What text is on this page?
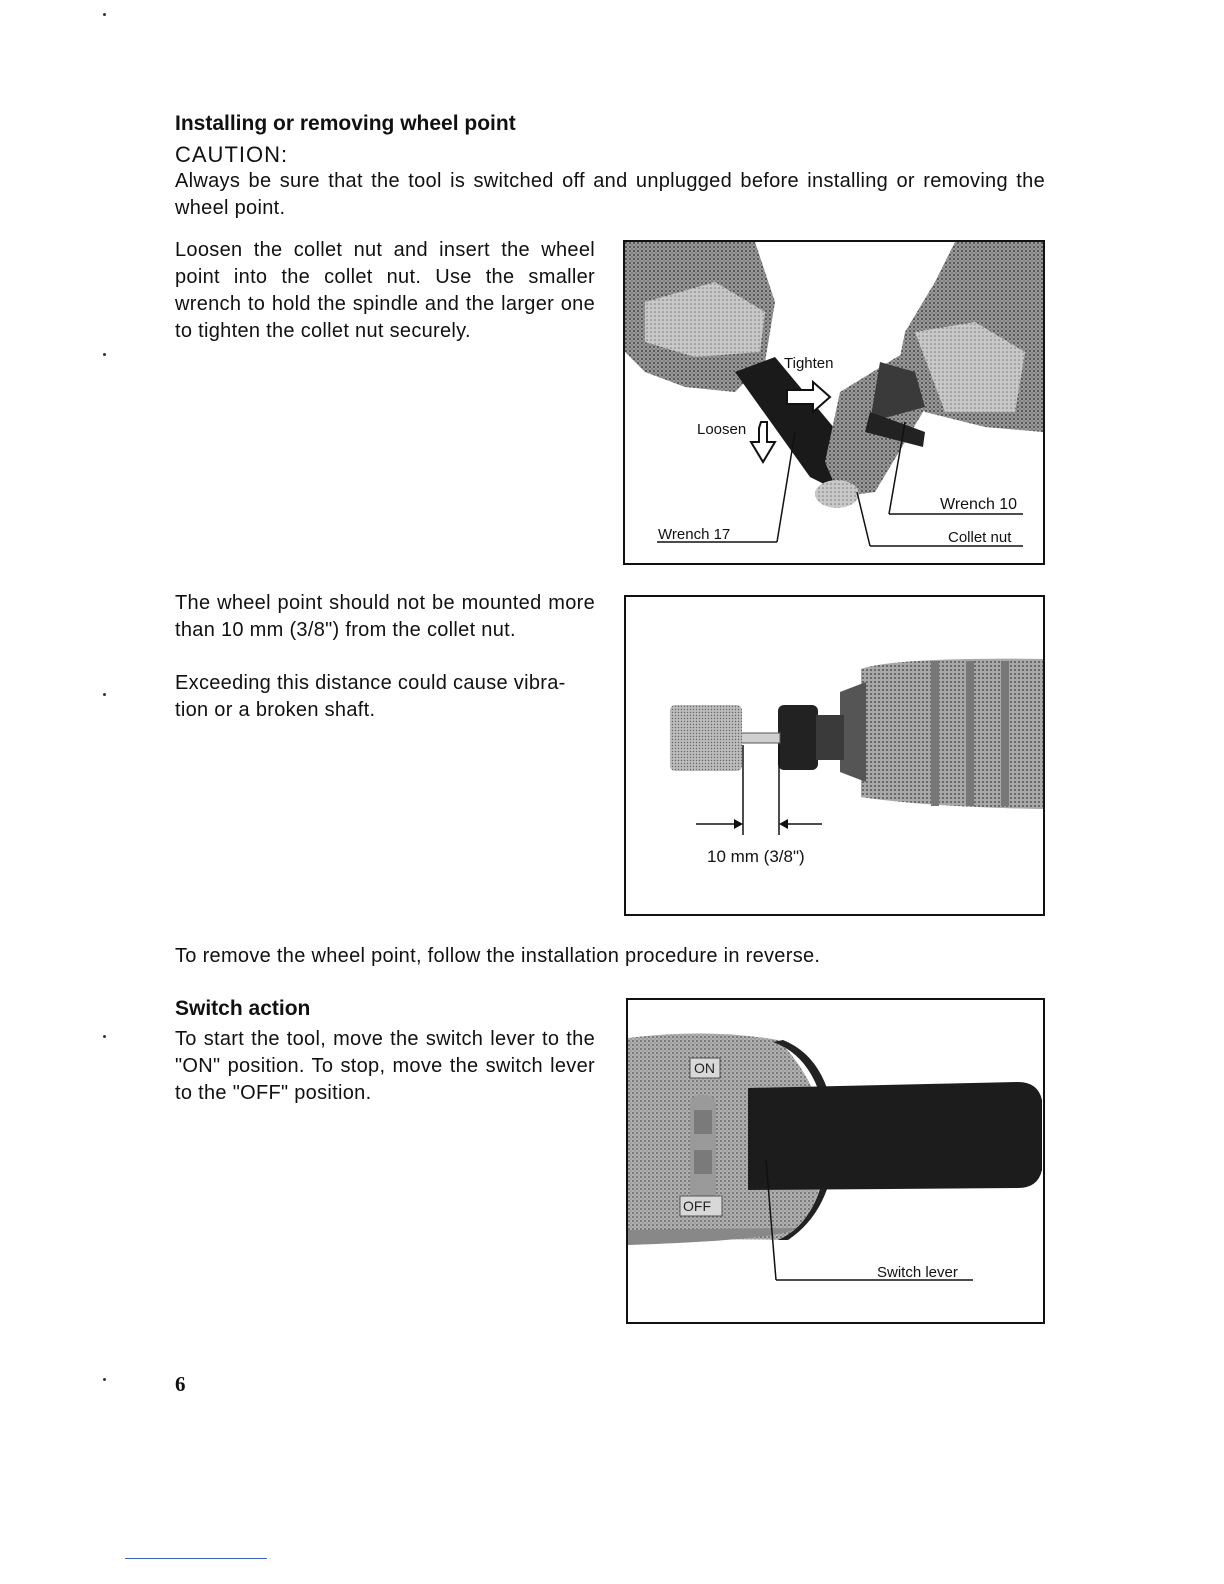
Installing or removing wheel point
CAUTION:
Always be sure that the tool is switched off and unplugged before installing or removing the wheel point.
Loosen the collet nut and insert the wheel point into the collet nut. Use the smaller wrench to hold the spindle and the larger one to tighten the collet nut securely.
Tighten
Loosen
Wrench 10
Wrench 17	Collet nut
The wheel point should not be mounted more than 10 mm (3/8") from the collet nut.
Exceeding this distance could cause vibra-
tion or a broken shaft.
10 mm (3/8")
To remove the wheel point, follow the installation procedure in reverse.
Switch action
To start the tool, move the switch lever to the "ON" position. To stop, move the switch lever to the "OFF" position.
ON
OFF
Switch lever
6
